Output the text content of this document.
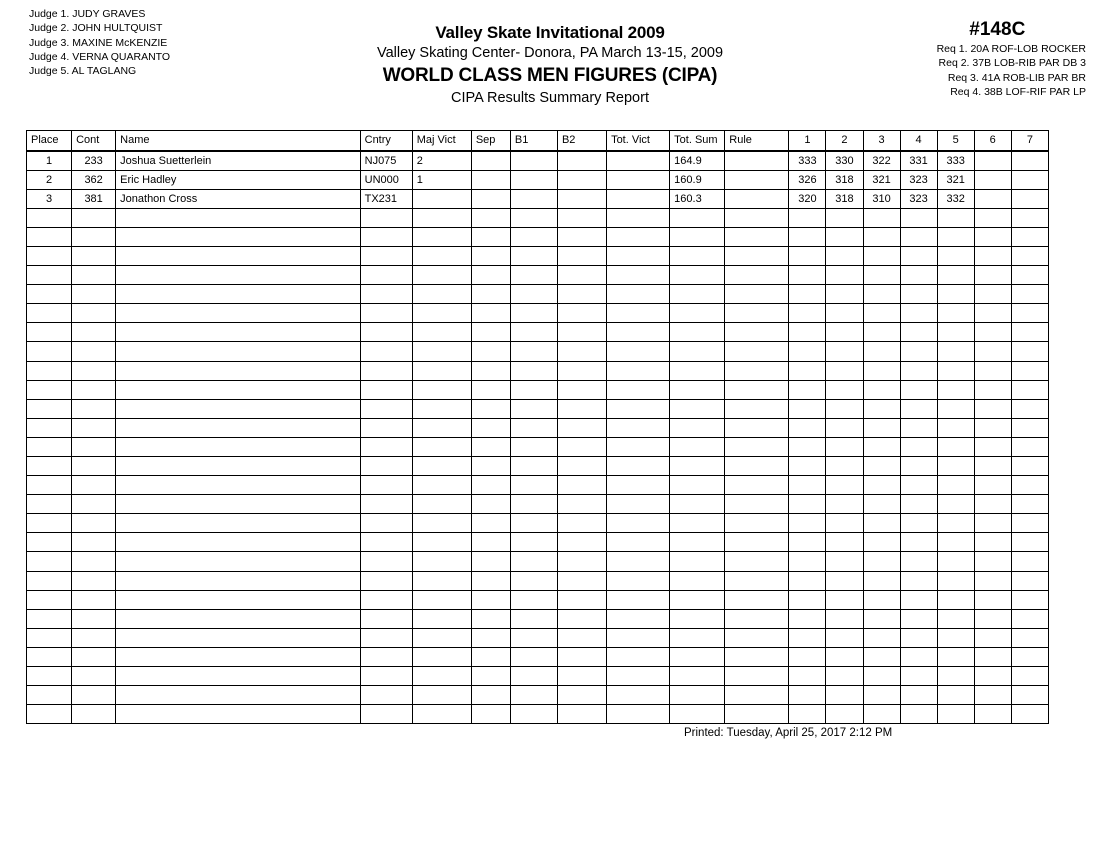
Judge 1. JUDY GRAVES
Judge 2. JOHN HULTQUIST
Judge 3. MAXINE McKENZIE
Judge 4. VERNA QUARANTO
Judge 5. AL TAGLANG
Valley Skate Invitational 2009
Valley Skating Center- Donora, PA March 13-15, 2009
WORLD CLASS MEN FIGURES (CIPA)
CIPA Results Summary Report
#148C
Req 1. 20A ROF-LOB ROCKER
Req 2. 37B LOB-RIB PAR DB 3
Req 3. 41A ROB-LIB PAR BR
Req 4. 38B LOF-RIF PAR LP
Place	Cont	Name	Cntry	Maj Vict	Sep	B1	B2	Tot. Vict	Tot. Sum	Rule	1	2	3	4	5	6	7
1	233	Joshua Suetterlein	NJ075	2					164.9		333	330	322	331	333		
2	362	Eric Hadley	UN000	1					160.9		326	318	321	323	321		
3	381	Jonathon Cross	TX231						160.3		320	318	310	323	332		

Printed: Tuesday, April 25, 2017 2:12 PM
